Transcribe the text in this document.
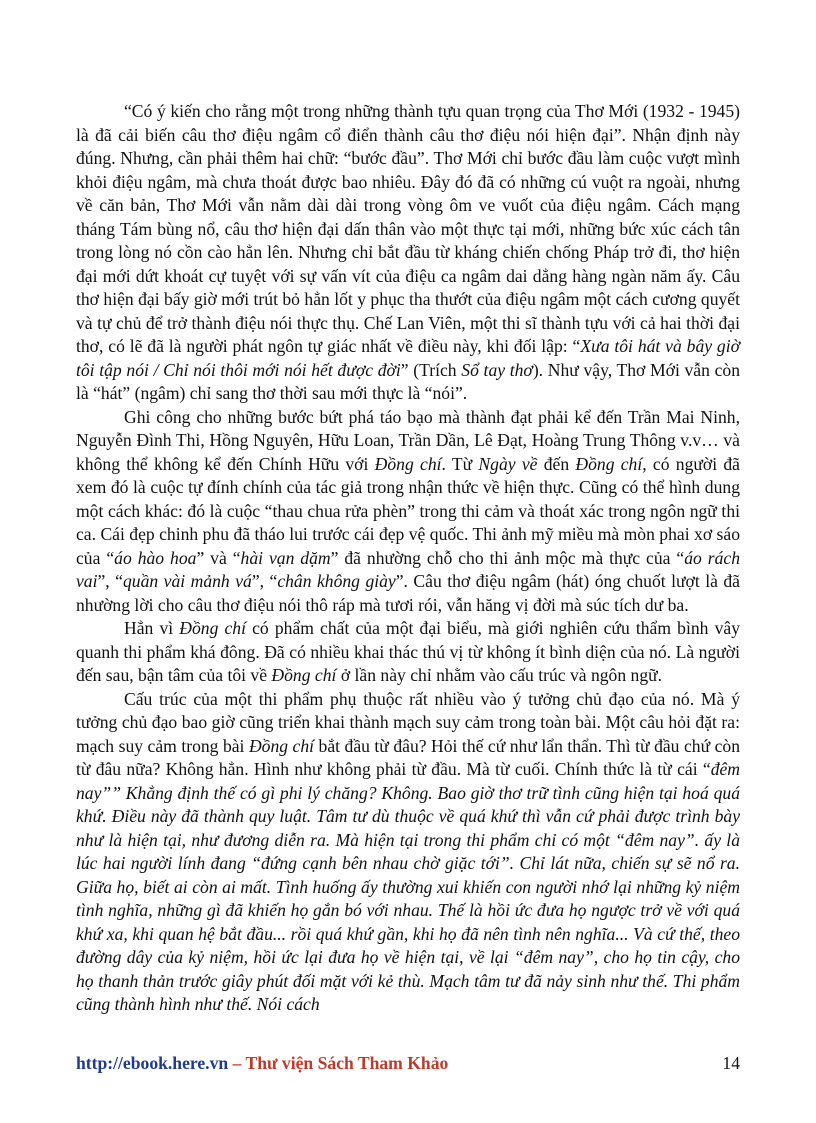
“Có ý kiến cho rằng một trong những thành tựu quan trọng của Thơ Mới (1932 - 1945) là đã cải biến câu thơ điệu ngâm cổ điển thành câu thơ điệu nói hiện đại”. Nhận định này đúng. Nhưng, cần phải thêm hai chữ: “bước đầu”. Thơ Mới chỉ bước đầu làm cuộc vượt mình khỏi điệu ngâm, mà chưa thoát được bao nhiêu. Đây đó đã có những cú vuột ra ngoài, nhưng về căn bản, Thơ Mới vẫn nằm dài dài trong vòng ôm ve vuốt của điệu ngâm. Cách mạng tháng Tám bùng nổ, câu thơ hiện đại dấn thân vào một thực tại mới, những bức xúc cách tân trong lòng nó cồn cào hẳn lên. Nhưng chỉ bắt đầu từ kháng chiến chống Pháp trở đi, thơ hiện đại mới dứt khoát cự tuyệt với sự vấn vít của điệu ca ngâm dai dẳng hàng ngàn năm ấy. Câu thơ hiện đại bấy giờ mới trút bỏ hẳn lốt y phục tha thướt của điệu ngâm một cách cương quyết và tự chủ để trở thành điệu nói thực thụ. Chế Lan Viên, một thi sĩ thành tựu với cả hai thời đại thơ, có lẽ đã là người phát ngôn tự giác nhất về điều này, khi đối lập: “Xưa tôi hát và bây giờ tôi tập nói / Chỉ nói thôi mới nói hết được đời” (Trích Sổ tay thơ). Như vậy, Thơ Mới vẫn còn là “hát” (ngâm) chỉ sang thơ thời sau mới thực là “nói”.

Ghi công cho những bước bứt phá táo bạo mà thành đạt phải kể đến Trần Mai Ninh, Nguyễn Đình Thi, Hồng Nguyên, Hữu Loan, Trần Dần, Lê Đạt, Hoàng Trung Thông v.v… và không thể không kể đến Chính Hữu với Đồng chí. Từ Ngày về đến Đồng chí, có người đã xem đó là cuộc tự đính chính của tác giả trong nhận thức về hiện thực. Cũng có thể hình dung một cách khác: đó là cuộc “thau chua rửa phèn” trong thi cảm và thoát xác trong ngôn ngữ thi ca. Cái đẹp chinh phu đã tháo lui trước cái đẹp vệ quốc. Thi ảnh mỹ miều mà mòn phai xơ sáo của “áo hào hoa” và “hài vạn dặm” đã nhường chỗ cho thi ảnh mộc mà thực của “áo rách vai”, “quần vài mảnh vá”, “chân không giày”. Câu thơ điệu ngâm (hát) óng chuốt lượt là đã nhường lời cho câu thơ điệu nói thô ráp mà tươi rói, vẫn hăng vị đời mà súc tích dư ba.

Hẳn vì Đồng chí có phẩm chất của một đại biểu, mà giới nghiên cứu thẩm bình vây quanh thi phẩm khá đông. Đã có nhiều khai thác thú vị từ không ít bình diện của nó. Là người đến sau, bận tâm của tôi về Đồng chí ở lần này chỉ nhằm vào cấu trúc và ngôn ngữ.

Cấu trúc của một thi phẩm phụ thuộc rất nhiều vào ý tưởng chủ đạo của nó. Mà ý tưởng chủ đạo bao giờ cũng triển khai thành mạch suy cảm trong toàn bài. Một câu hỏi đặt ra: mạch suy cảm trong bài Đồng chí bắt đầu từ đâu? Hỏi thế cứ như lẩn thẩn. Thì từ đầu chứ còn từ đâu nữa? Không hẳn. Hình như không phải từ đầu. Mà từ cuối. Chính thức là từ cái “đêm nay”” Khẳng định thế có gì phi lý chăng? Không. Bao giờ thơ trữ tình cũng hiện tại hoá quá khứ. Điều này đã thành quy luật. Tâm tư dù thuộc về quá khứ thì vẫn cứ phải được trình bày như là hiện tại, như đương diễn ra. Mà hiện tại trong thi phẩm chỉ có một “đêm nay”. ấy là lúc hai người lính đang “đứng cạnh bên nhau chờ giặc tới”. Chỉ lát nữa, chiến sự sẽ nổ ra. Giữa họ, biết ai còn ai mất. Tình huống ấy thường xui khiến con người nhớ lại những kỷ niệm tình nghĩa, những gì đã khiến họ gắn bó với nhau. Thế là hồi ức đưa họ ngược trở về với quá khứ xa, khi quan hệ bắt đầu... rồi quá khứ gần, khi họ đã nên tình nên nghĩa... Và cứ thế, theo đường dây của kỷ niệm, hồi ức lại đưa họ về hiện tại, về lại “đêm nay”, cho họ tin cậy, cho họ thanh thản trước giây phút đối mặt với kẻ thù. Mạch tâm tư đã nảy sinh như thế. Thi phẩm cũng thành hình như thế. Nói cách

http://ebook.here.vn – Thư viện Sách Tham Khảo	14
